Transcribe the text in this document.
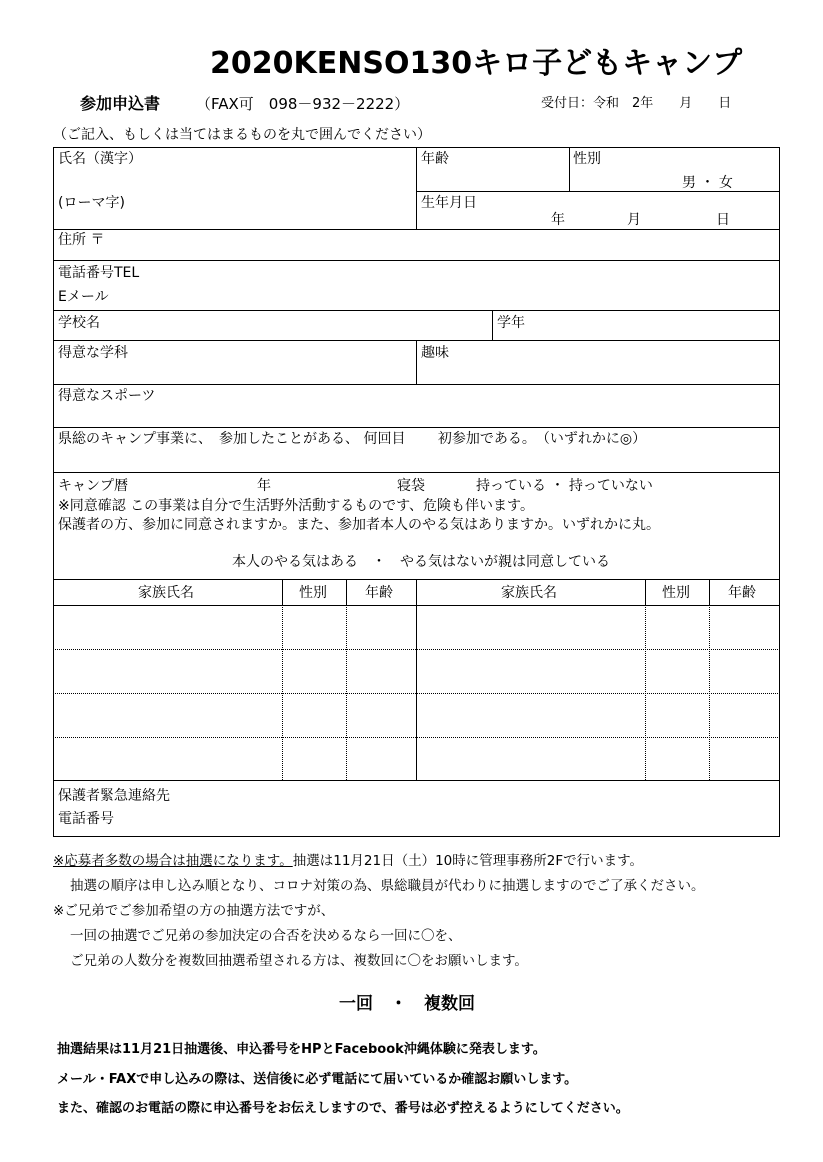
2020KENSO130キロ子どもキャンプ
参加申込書 （FAX可　098－932－2222）	受付日：令和　2年　　月　　日
（ご記入、もしくは当てはまるものを丸で囲んでください）
氏名（漢字）
(ローマ字)
年齢	性別
男 ・ 女
生年月日
年	月	日
住所 〒
電話番号TEL
Eメール
学校名	学年
得意な学科	趣味
得意なスポーツ
県総のキャンプ事業に、　参加したことがある、 何回目　　 初参加である。　（いずれかに◎）
キャンプ暦	年	寝袋	持っている ・ 持っていない
※同意確認 この事業は自分で生活野外活動するものです、危険も伴います。
保護者の方、参加に同意されますか。また、参加者本人のやる気はありますか。いずれかに丸。
本人のやる気はある　・　やる気はないが親は同意している
家族氏名	性別	年齢	家族氏名	性別	年齢
保護者緊急連絡先
電話番号
※応募者多数の場合は抽選になります。抽選は11月21日（土）10時に管理事務所2Fで行います。
抽選の順序は申し込み順となり、コロナ対策の為、県総職員が代わりに抽選しますのでご了承ください。
※ご兄弟でご参加希望の方の抽選方法ですが、
一回の抽選でご兄弟の参加決定の合否を決めるなら一回に〇を、
ご兄弟の人数分を複数回抽選希望される方は、複数回に〇をお願いします。
一回　・　複数回
抽選結果は11月21日抽選後、申込番号をHPとFacebook沖縄体験に発表します。
メール・FAXで申し込みの際は、送信後に必ず電話にて届いているか確認お願いします。
また、確認のお電話の際に申込番号をお伝えしますので、番号は必ず控えるようにしてください。
